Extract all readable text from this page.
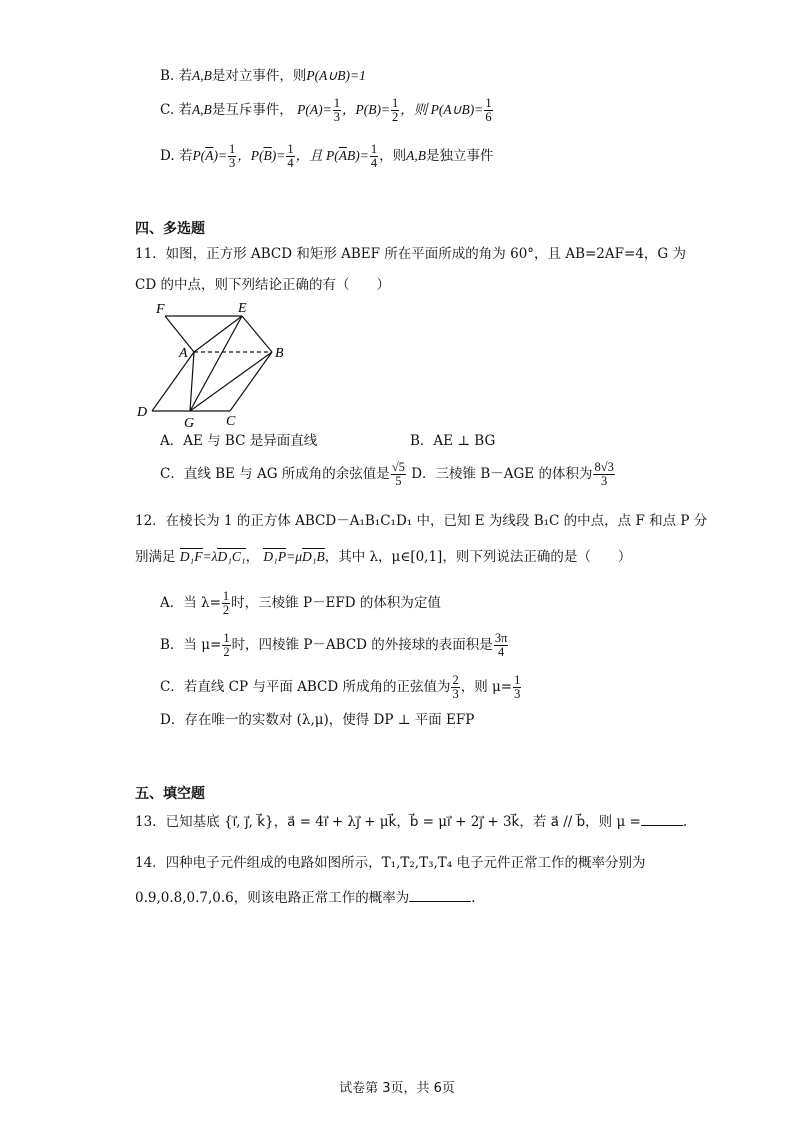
B. 若A,B是对立事件，则P(A∪B)=1
C. 若A,B是互斥事件， $P(A)= \frac{1}{3}$ ，$P(B)= \frac{1}{2}$ ，则 P(A∪B)= $\frac{1}{6}$
D. 若$P(\overline{A})= \frac{1}{3}$ ，$P(\overline{B})= \frac{1}{4}$ ，且 $P(\overline{A}B)= \frac{1}{4}$ ，则A,B是独立事件
四、多选题
11．如图，正方形 ABCD 和矩形 ABEF 所在平面所成的角为 60°，且 AB=2AF=4，G 为
CD 的中点，则下列结论正确的有（　　）
F	E
A	B
D
G C
A．AE 与 BC 是异面直线	B．AE ⊥ BG
C．直线 BE 与 AG 所成角的余弦值是 $\frac{√5}{5}$ D．三棱锥 B－AGE 的体积为 $\frac{8√3}{3}$
12．在棱长为 1 的正方体 ABCD－A₁B₁C₁D₁ 中，已知 E 为线段 B₁C 的中点，点 F 和点 P 分
别满足 D₁F=λD₁C₁， D₁P=μD₁B，其中 λ，μ∈[0,1]，则下列说法正确的是（　　）
A．当 $\lambda= \frac{1}{2}$ 时，三棱锥 P－EFD 的体积为定值
B．当 $\mu= \frac{1}{2}$ 时，四棱锥 P－ABCD 的外接球的表面积是 $\frac{3\pi}{4}$
C．若直线 CP 与平面 ABCD 所成角的正弦值为 $\frac{2}{3}$ ，则 $\mu= \frac{1}{3}$
D．存在唯一的实数对 (λ,μ)，使得 DP ⊥ 平面 EFP
五、填空题
13．已知基底 {i⃗, j⃗, k⃗}，a⃗ = 4i⃗ + λj⃗ + μk⃗，b⃗ = μi⃗ + 2j⃗ + 3k⃗，若 a⃗ // b⃗，则 μ =	.
14．四种电子元件组成的电路如图所示，T₁,T₂,T₃,T₄ 电子元件正常工作的概率分别为
0.9,0.8,0.7,0.6，则该电路正常工作的概率为	.
试卷第 3页，共 6页
